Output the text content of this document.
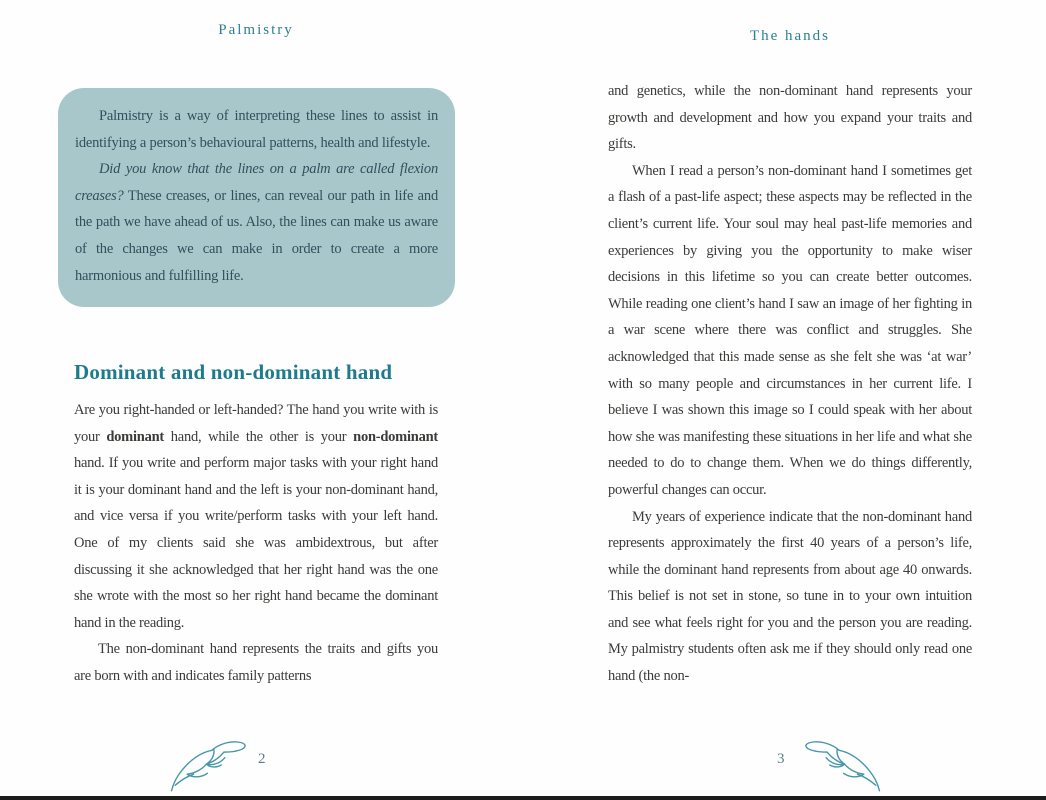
Palmistry

Palmistry is a way of interpreting these lines to assist in identifying a person’s behavioural patterns, health and lifestyle.

Did you know that the lines on a palm are called flexion creases? These creases, or lines, can reveal our path in life and the path we have ahead of us. Also, the lines can make us aware of the changes we can make in order to create a more harmonious and fulfilling life.

Dominant and non-dominant hand

Are you right-handed or left-handed? The hand you write with is your dominant hand, while the other is your non-dominant hand. If you write and perform major tasks with your right hand it is your dominant hand and the left is your non-dominant hand, and vice versa if you write/perform tasks with your left hand. One of my clients said she was ambidextrous, but after discussing it she acknowledged that her right hand was the one she wrote with the most so her right hand became the dominant hand in the reading.

The non-dominant hand represents the traits and gifts you are born with and indicates family patterns

2
The hands

and genetics, while the non-dominant hand represents your growth and development and how you expand your traits and gifts.

When I read a person’s non-dominant hand I sometimes get a flash of a past-life aspect; these aspects may be reflected in the client’s current life. Your soul may heal past-life memories and experiences by giving you the opportunity to make wiser decisions in this lifetime so you can create better outcomes. While reading one client’s hand I saw an image of her fighting in a war scene where there was conflict and struggles. She acknowledged that this made sense as she felt she was ‘at war’ with so many people and circumstances in her current life. I believe I was shown this image so I could speak with her about how she was manifesting these situations in her life and what she needed to do to change them. When we do things differently, powerful changes can occur.

My years of experience indicate that the non-dominant hand represents approximately the first 40 years of a person’s life, while the dominant hand represents from about age 40 onwards. This belief is not set in stone, so tune in to your own intuition and see what feels right for you and the person you are reading. My palmistry students often ask me if they should only read one hand (the non-

3
